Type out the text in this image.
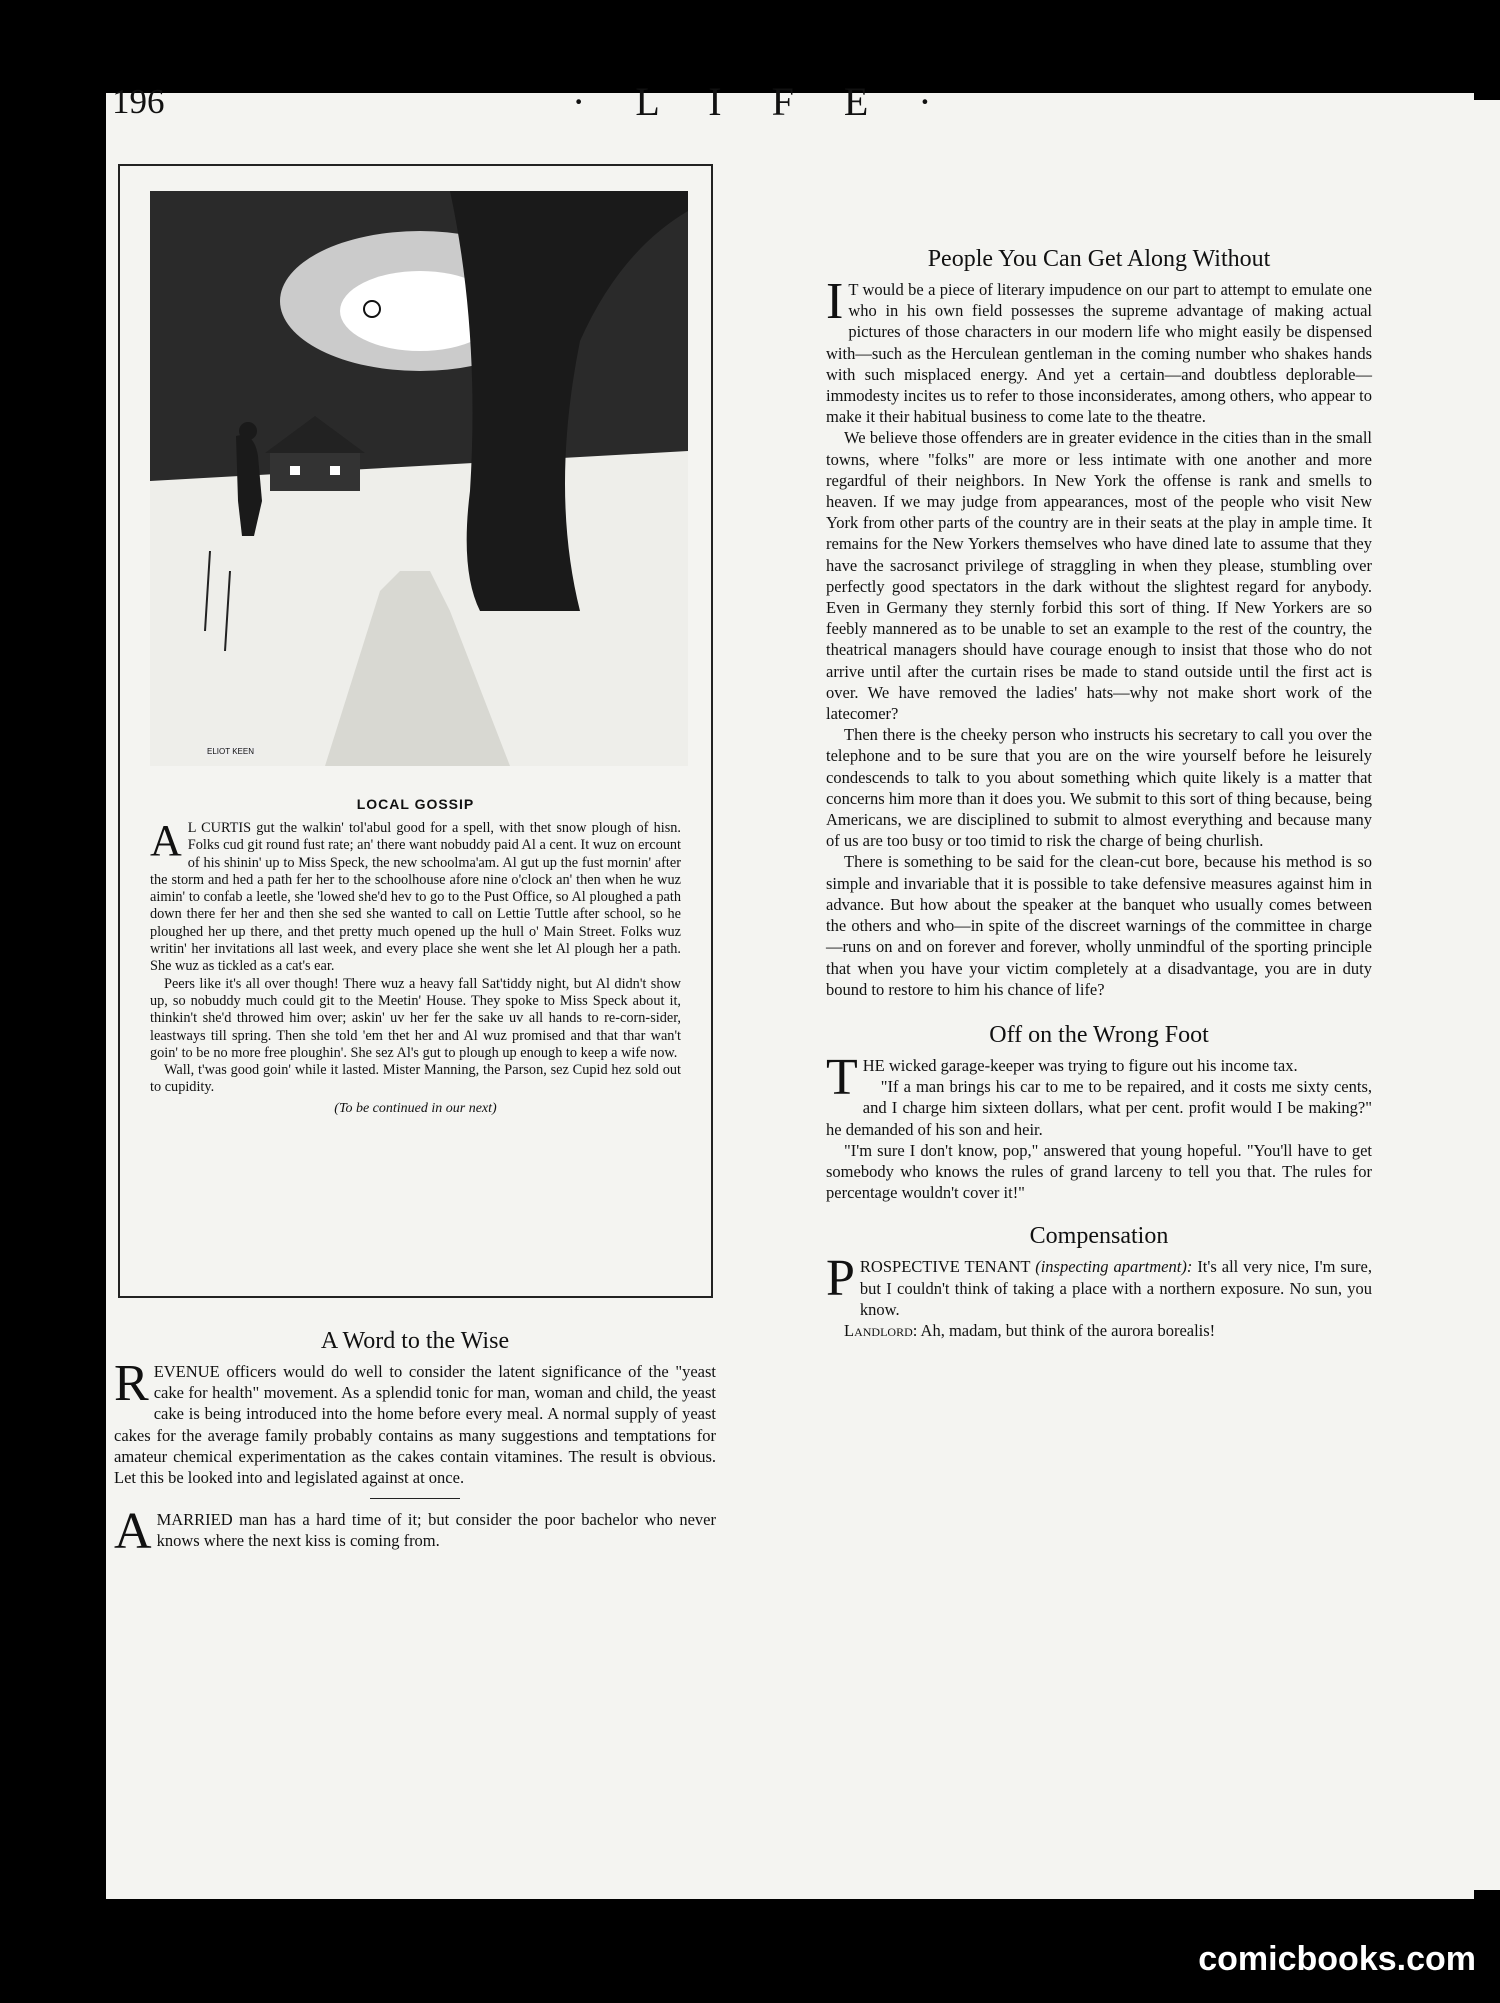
196	· L I F E ·
ELIOT KEEN
LOCAL GOSSIP

A L CURTIS gut the walkin' tol'abul good for a spell, with thet snow plough of hisn. Folks cud git round fust rate; an' there want nobuddy paid Al a cent. It wuz on ercount of his shinin' up to Miss Speck, the new schoolma'am. Al gut up the fust mornin' after the storm and hed a path fer her to the schoolhouse afore nine o'clock an' then when he wuz aimin' to confab a leetle, she 'lowed she'd hev to go to the Pust Office, so Al ploughed a path down there fer her and then she sed she wanted to call on Lettie Tuttle after school, so he ploughed her up there, and thet pretty much opened up the hull o' Main Street. Folks wuz writin' her invitations all last week, and every place she went she let Al plough her a path. She wuz as tickled as a cat's ear.

Peers like it's all over though! There wuz a heavy fall Sat'tiddy night, but Al didn't show up, so nobuddy much could git to the Meetin' House. They spoke to Miss Speck about it, thinkin't she'd throwed him over; askin' uv her fer the sake uv all hands to re-corn-sider, leastways till spring. Then she told 'em thet her and Al wuz promised and that thar wan't goin' to be no more free ploughin'. She sez Al's gut to plough up enough to keep a wife now.

Wall, t'was good goin' while it lasted. Mister Manning, the Parson, sez Cupid hez sold out to cupidity.

(To be continued in our next)
A Word to the Wise

REVENUE officers would do well to consider the latent significance of the "yeast cake for health" movement. As a splendid tonic for man, woman and child, the yeast cake is being introduced into the home before every meal. A normal supply of yeast cakes for the average family probably contains as many suggestions and temptations for amateur chemical experimentation as the cakes contain vitamines. The result is obvious. Let this be looked into and legislated against at once.

AMARRIED man has a hard time of it; but consider the poor bachelor who never knows where the next kiss is coming from.

People You Can Get Along Without

I T would be a piece of literary impudence on our part to attempt to emulate one who in his own field possesses the supreme advantage of making actual pictures of those characters in our modern life who might easily be dispensed with—such as the Herculean gentleman in the coming number who shakes hands with such misplaced energy. And yet a certain—and doubtless deplorable—immodesty incites us to refer to those inconsiderates, among others, who appear to make it their habitual business to come late to the theatre.

We believe those offenders are in greater evidence in the cities than in the small towns, where "folks" are more or less intimate with one another and more regardful of their neighbors. In New York the offense is rank and smells to heaven. If we may judge from appearances, most of the people who visit New York from other parts of the country are in their seats at the play in ample time. It remains for the New Yorkers themselves who have dined late to assume that they have the sacrosanct privilege of straggling in when they please, stumbling over perfectly good spectators in the dark without the slightest regard for anybody. Even in Germany they sternly forbid this sort of thing. If New Yorkers are so feebly mannered as to be unable to set an example to the rest of the country, the theatrical managers should have courage enough to insist that those who do not arrive until after the curtain rises be made to stand outside until the first act is over. We have removed the ladies' hats—why not make short work of the latecomer?

Then there is the cheeky person who instructs his secretary to call you over the telephone and to be sure that you are on the wire yourself before he leisurely condescends to talk to you about something which quite likely is a matter that concerns him more than it does you. We submit to this sort of thing because, being Americans, we are disciplined to submit to almost everything and because many of us are too busy or too timid to risk the charge of being churlish.

There is something to be said for the clean-cut bore, because his method is so simple and invariable that it is possible to take defensive measures against him in advance. But how about the speaker at the banquet who usually comes between the others and who—in spite of the discreet warnings of the committee in charge—runs on and on forever and forever, wholly unmindful of the sporting principle that when you have your victim completely at a disadvantage, you are in duty bound to restore to him his chance of life?

Off on the Wrong Foot

THE wicked garage-keeper was trying to figure out his income tax.

"If a man brings his car to me to be repaired, and it costs me sixty cents, and I charge him sixteen dollars, what per cent. profit would I be making?" he demanded of his son and heir.

"I'm sure I don't know, pop," answered that young hopeful. "You'll have to get somebody who knows the rules of grand larceny to tell you that. The rules for percentage wouldn't cover it!"

Compensation

PROSPECTIVE TENANT (inspecting apartment): It's all very nice, I'm sure, but I couldn't think of taking a place with a northern exposure. No sun, you know.

Landlord: Ah, madam, but think of the aurora borealis!

comicbooks.com
